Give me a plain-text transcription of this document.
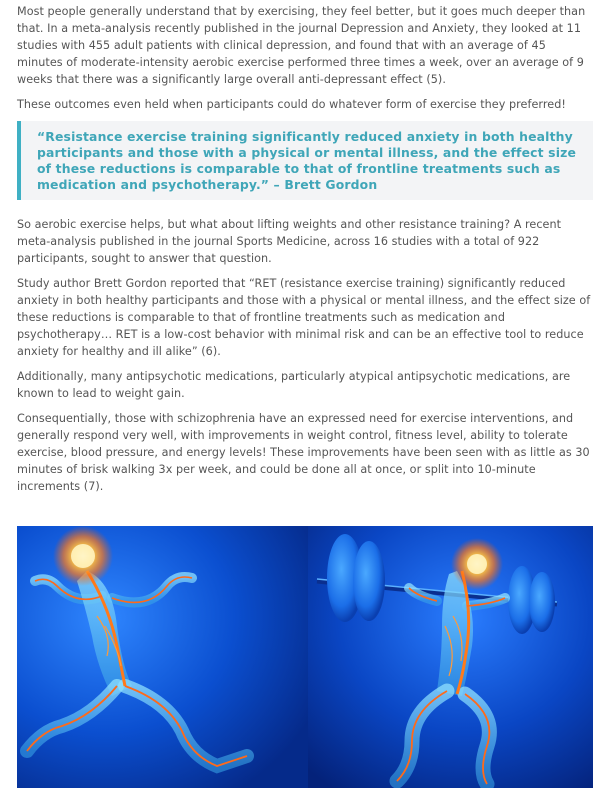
Most people generally understand that by exercising, they feel better, but it goes much deeper than that. In a meta-analysis recently published in the journal Depression and Anxiety, they looked at 11 studies with 455 adult patients with clinical depression, and found that with an average of 45 minutes of moderate-intensity aerobic exercise performed three times a week, over an average of 9 weeks that there was a significantly large overall anti-depressant effect (5).

These outcomes even held when participants could do whatever form of exercise they preferred!

“Resistance exercise training significantly reduced anxiety in both healthy participants and those with a physical or mental illness, and the effect size of these reductions is comparable to that of frontline treatments such as medication and psychotherapy.” – Brett Gordon

So aerobic exercise helps, but what about lifting weights and other resistance training? A recent meta-analysis published in the journal Sports Medicine, across 16 studies with a total of 922 participants, sought to answer that question.

Study author Brett Gordon reported that “RET (resistance exercise training) significantly reduced anxiety in both healthy participants and those with a physical or mental illness, and the effect size of these reductions is comparable to that of frontline treatments such as medication and psychotherapy… RET is a low-cost behavior with minimal risk and can be an effective tool to reduce anxiety for healthy and ill alike” (6).

Additionally, many antipsychotic medications, particularly atypical antipsychotic medications, are known to lead to weight gain.

Consequentially, those with schizophrenia have an expressed need for exercise interventions, and generally respond very well, with improvements in weight control, fitness level, ability to tolerate exercise, blood pressure, and energy levels! These improvements have been seen with as little as 30 minutes of brisk walking 3x per week, and could be done all at once, or split into 10-minute increments (7).
